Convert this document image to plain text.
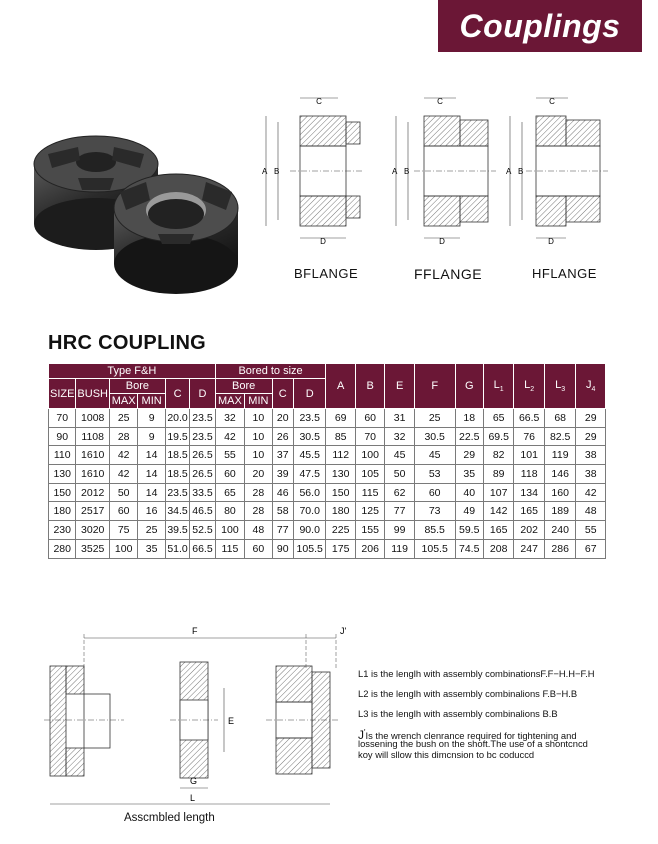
Couplings
C
A B
D
BFLANGE
C
A B
D
FFLANGE
C
A B
D
HFLANGE
HRC COUPLING
Type F&H						Bored to size				A	B	E	F	G	$L_1$	$L_2$	$L_3$	$J_4$
SIZE	BUSH	Bore		C	D	Bore		C	D									
		MAX	MIN			MAX	MIN											
70	1008	25	9	20.0	23.5	32	10	20	23.5	69	60	31	25	18	65	66.5	68	29
90	1108	28	9	19.5	23.5	42	10	26	30.5	85	70	32	30.5	22.5	69.5	76	82.5	29
110	1610	42	14	18.5	26.5	55	10	37	45.5	112	100	45	45	29	82	101	119	38
130	1610	42	14	18.5	26.5	60	20	39	47.5	130	105	50	53	35	89	118	146	38
150	2012	50	14	23.5	33.5	65	28	46	56.0	150	115	62	60	40	107	134	160	42
180	2517	60	16	34.5	46.5	80	28	58	70.0	180	125	77	73	49	142	165	189	48
230	3020	75	25	39.5	52.5	100	48	77	90.0	225	155	99	85.5	59.5	165	202	240	55
280	3525	100	35	51.0	66.5	115	60	90	105.5	175	206	119	105.5	74.5	208	247	286	67
F	J'
E
G
L
Asscmbled length
L1 is the lenglh with assembly combinationsF.F−H.H−F.H
L2 is the lenglh with assembly combinalions F.B−H.B
L3 is the lenglh with assembly combinalions B.B
J'Is the wrench clenrance required for tightening and
lossening the bush on the shoft.The use of a shontcncd
koy will sllow this dimcnsion to bc coducсd
